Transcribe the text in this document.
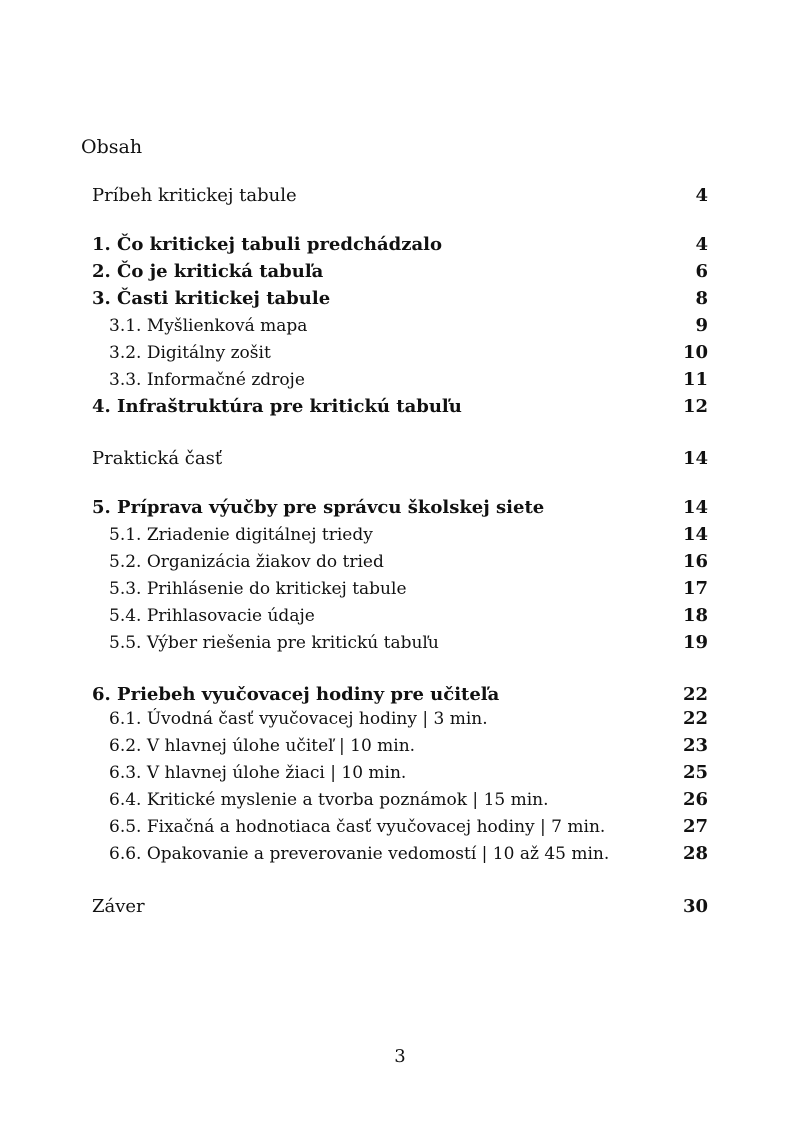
Obsah
Príbeh kritickej tabule	4
1. Čo kritickej tabuli predchádzalo	4
2. Čo je kritická tabuľa	6
3. Časti kritickej tabule	8
3.1. Myšlienková mapa	9
3.2. Digitálny zošit	10
3.3. Informačné zdroje	11
4. Infraštruktúra pre kritickú tabuľu	12
Praktická časť	14
5. Príprava výučby pre správcu školskej siete	14
5.1. Zriadenie digitálnej triedy	14
5.2. Organizácia žiakov do tried	16
5.3. Prihlásenie do kritickej tabule	17
5.4. Prihlasovacie údaje	18
5.5. Výber riešenia pre kritickú tabuľu	19
6. Priebeh vyučovacej hodiny pre učiteľa	22
6.1. Úvodná časť vyučovacej hodiny | 3 min.	22
6.2. V hlavnej úlohe učiteľ | 10 min.	23
6.3. V hlavnej úlohe žiaci | 10 min.	25
6.4. Kritické myslenie a tvorba poznámok | 15 min.	26
6.5. Fixačná a hodnotiaca časť vyučovacej hodiny | 7 min.	27
6.6. Opakovanie a preverovanie vedomostí | 10 až 45 min.	28
Záver	30
3
